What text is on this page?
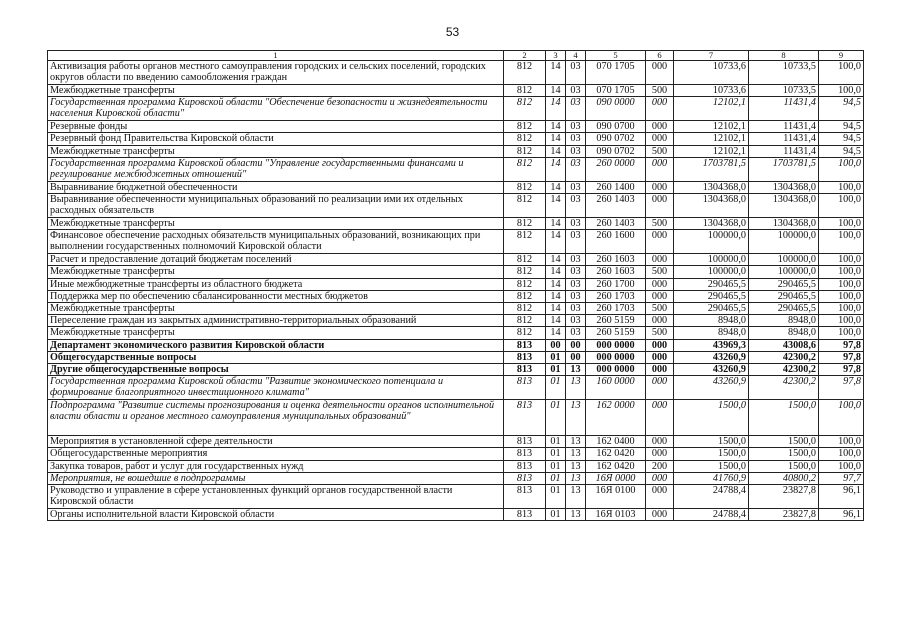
53
1	2	3	4	5	6	7	8	9
Активизация работы органов местного самоуправления городских и сельских поселений, городских округов области по введению самообложения граждан	812	14	03	070 1705	000	10733,6	10733,5	100,0
Межбюджетные трансферты	812	14	03	070 1705	500	10733,6	10733,5	100,0
Государственная программа Кировской области "Обеспечение безопасности и жизнедеятельности населения Кировской области"	812	14	03	090 0000	000	12102,1	11431,4	94,5
Резервные фонды	812	14	03	090 0700	000	12102,1	11431,4	94,5
Резервный фонд Правительства Кировской области	812	14	03	090 0702	000	12102,1	11431,4	94,5
Межбюджетные трансферты	812	14	03	090 0702	500	12102,1	11431,4	94,5
Государственная программа Кировской области "Управление государственными финансами и регулирование межбюджетных отношений"	812	14	03	260 0000	000	1703781,5	1703781,5	100,0
Выравнивание бюджетной обеспеченности	812	14	03	260 1400	000	1304368,0	1304368,0	100,0
Выравнивание обеспеченности муниципальных образований по реализации ими их отдельных расходных обязательств	812	14	03	260 1403	000	1304368,0	1304368,0	100,0
Межбюджетные трансферты	812	14	03	260 1403	500	1304368,0	1304368,0	100,0
Финансовое обеспечение расходных обязательств муниципальных образований, возникающих при выполнении государственных полномочий Кировской области	812	14	03	260 1600	000	100000,0	100000,0	100,0
Расчет и предоставление дотаций бюджетам поселений	812	14	03	260 1603	000	100000,0	100000,0	100,0
Межбюджетные трансферты	812	14	03	260 1603	500	100000,0	100000,0	100,0
Иные межбюджетные трансферты из областного бюджета	812	14	03	260 1700	000	290465,5	290465,5	100,0
Поддержка мер по обеспечению сбалансированности местных бюджетов	812	14	03	260 1703	000	290465,5	290465,5	100,0
Межбюджетные трансферты	812	14	03	260 1703	500	290465,5	290465,5	100,0
Переселение граждан из закрытых административно-территориальных образований	812	14	03	260 5159	000	8948,0	8948,0	100,0
Межбюджетные трансферты	812	14	03	260 5159	500	8948,0	8948,0	100,0
Департамент экономического развития Кировской области	813	00	00	000 0000	000	43969,3	43008,6	97,8
Общегосударственные вопросы	813	01	00	000 0000	000	43260,9	42300,2	97,8
Другие общегосударственные вопросы	813	01	13	000 0000	000	43260,9	42300,2	97,8
Государственная программа Кировской области "Развитие экономического потенциала и формирование благоприятного инвестиционного климата"	813	01	13	160 0000	000	43260,9	42300,2	97,8
Подпрограмма "Развитие системы прогнозирования и оценка деятельности органов исполнительной власти области и органов местного самоуправления муниципальных образований"	813	01	13	162 0000	000	1500,0	1500,0	100,0
Мероприятия в установленной сфере деятельности	813	01	13	162 0400	000	1500,0	1500,0	100,0
Общегосударственные мероприятия	813	01	13	162 0420	000	1500,0	1500,0	100,0
Закупка товаров, работ и услуг для государственных нужд	813	01	13	162 0420	200	1500,0	1500,0	100,0
Мероприятия, не вошедшие в подпрограммы	813	01	13	16Я 0000	000	41760,9	40800,2	97,7
Руководство и управление в сфере установленных функций органов государственной власти Кировской области	813	01	13	16Я 0100	000	24788,4	23827,8	96,1
Органы исполнительной власти Кировской области	813	01	13	16Я 0103	000	24788,4	23827,8	96,1
